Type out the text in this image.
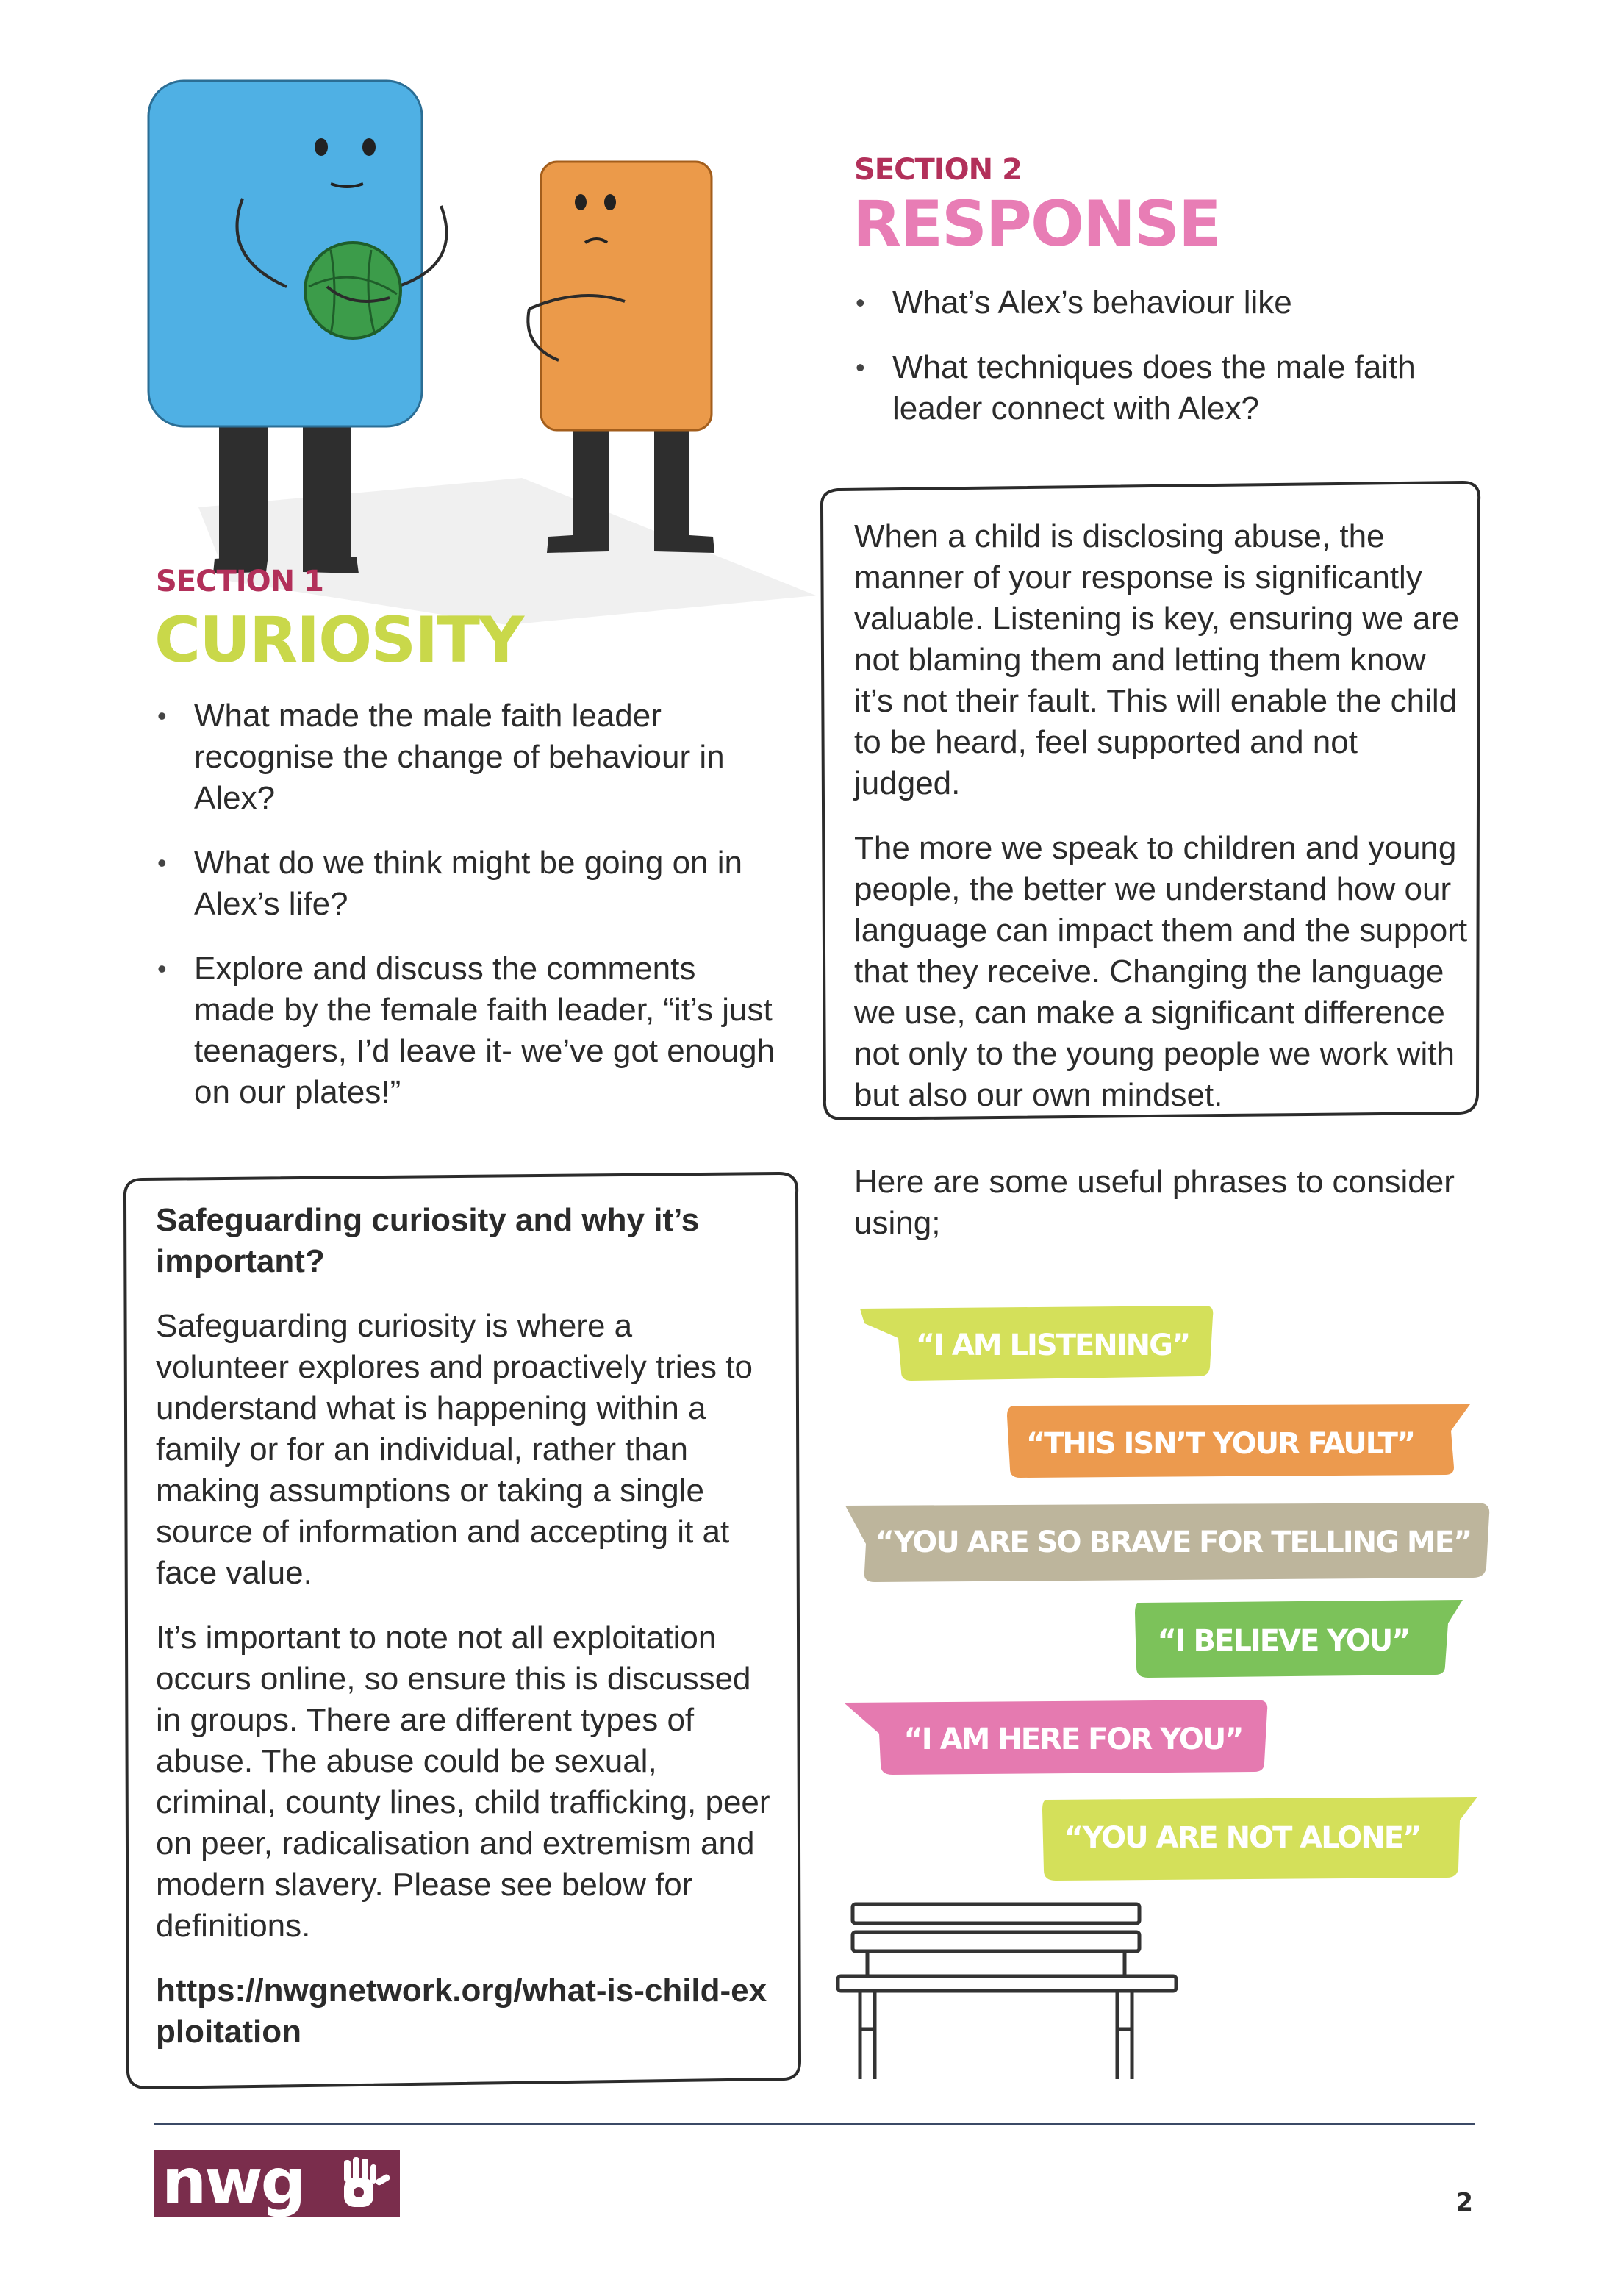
SECTION 2
RESPONSE
• What’s Alex’s behaviour like
• What techniques does the male faith leader connect with Alex?

When a child is disclosing abuse, the manner of your response is significantly valuable. Listening is key, ensuring we are not blaming them and letting them know it’s not their fault. This will enable the child to be heard, feel supported and not judged.

The more we speak to children and young people, the better we understand how our language can impact them and the support that they receive. Changing the language we use, can make a significant difference not only to the young people we work with but also our own mindset.

SECTION 1
CURIOSITY
• What made the male faith leader recognise the change of behaviour in Alex?
• What do we think might be going on in Alex’s life?
• Explore and discuss the comments made by the female faith leader, “it’s just teenagers, I’d leave it- we’ve got enough on our plates!”

Safeguarding curiosity and why it’s important?

Safeguarding curiosity is where a volunteer explores and proactively tries to understand what is happening within a family or for an individual, rather than making assumptions or taking a single source of information and accepting it at face value.

It’s important to note not all exploitation occurs online, so ensure this is discussed in groups. There are different types of abuse. The abuse could be sexual, criminal, county lines, child trafficking, peer on peer, radicalisation and extremism and modern slavery. Please see below for definitions.

https://nwgnetwork.org/what-is-child-exploitation

Here are some useful phrases to consider using;
“I AM LISTENING”
“THIS ISN’T YOUR FAULT”
“YOU ARE SO BRAVE FOR TELLING ME”
“I BELIEVE YOU”
“I AM HERE FOR YOU”
“YOU ARE NOT ALONE”
nwg	2
